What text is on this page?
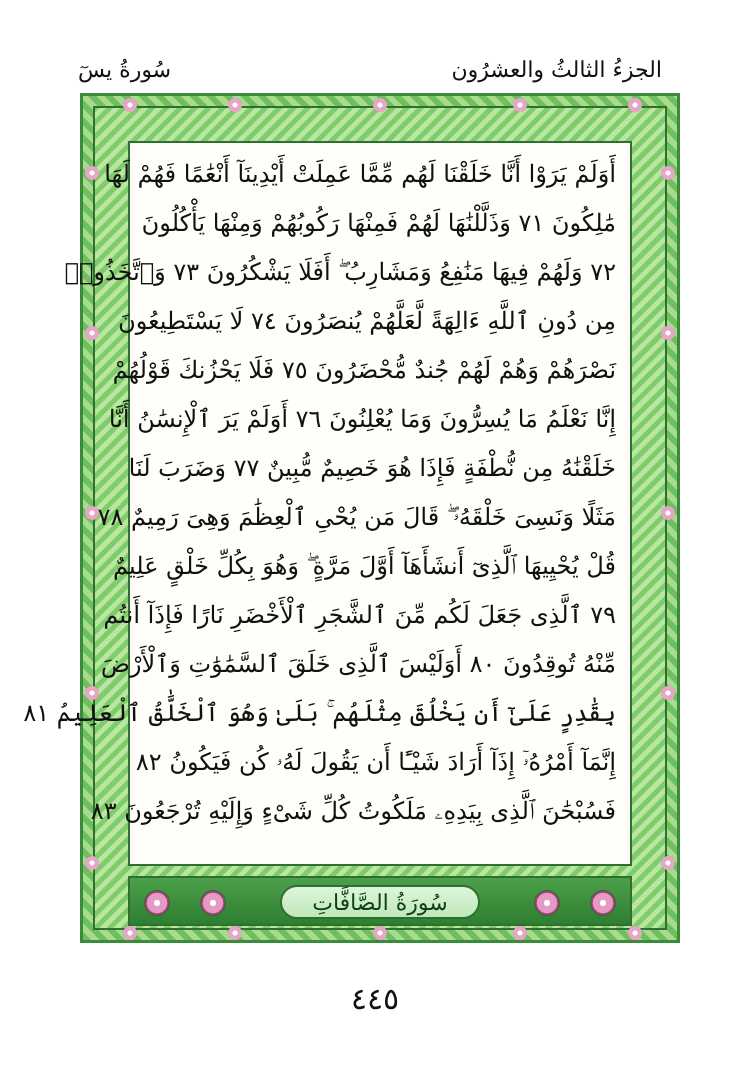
سُورةُ يسٓ	الجزءُ الثالثُ والعشرُون
أَوَلَمْ يَرَوْا أَنَّا خَلَقْنَا لَهُم مِّمَّا عَمِلَتْ أَيْدِينَآ أَنْعَٰمًا فَهُمْ لَهَا
مَٰلِكُونَ ٧١ وَذَلَّلْنَٰهَا لَهُمْ فَمِنْهَا رَكُوبُهُمْ وَمِنْهَا يَأْكُلُونَ
٧٢ وَلَهُمْ فِيهَا مَنَٰفِعُ وَمَشَارِبُ ۖ أَفَلَا يَشْكُرُونَ ٧٣ وَٱتَّخَذُوا۟
مِن دُونِ ٱللَّهِ ءَالِهَةً لَّعَلَّهُمْ يُنصَرُونَ ٧٤ لَا يَسْتَطِيعُونَ
نَصْرَهُمْ وَهُمْ لَهُمْ جُندٌ مُّحْضَرُونَ ٧٥ فَلَا يَحْزُنكَ قَوْلُهُمْ
إِنَّا نَعْلَمُ مَا يُسِرُّونَ وَمَا يُعْلِنُونَ ٧٦ أَوَلَمْ يَرَ ٱلْإِنسَٰنُ أَنَّا
خَلَقْنَٰهُ مِن نُّطْفَةٍ فَإِذَا هُوَ خَصِيمٌ مُّبِينٌ ٧٧ وَضَرَبَ لَنَا
مَثَلًا وَنَسِىَ خَلْقَهُۥ ۖ قَالَ مَن يُحْىِ ٱلْعِظَٰمَ وَهِىَ رَمِيمٌ ٧٨
قُلْ يُحْيِيهَا ٱلَّذِىٓ أَنشَأَهَآ أَوَّلَ مَرَّةٍ ۖ وَهُوَ بِكُلِّ خَلْقٍ عَلِيمٌ
٧٩ ٱلَّذِى جَعَلَ لَكُم مِّنَ ٱلشَّجَرِ ٱلْأَخْضَرِ نَارًا فَإِذَآ أَنتُم
مِّنْهُ تُوقِدُونَ ٨٠ أَوَلَيْسَ ٱلَّذِى خَلَقَ ٱلسَّمَٰوَٰتِ وَٱلْأَرْضَ
بِقَٰدِرٍ عَلَىٰٓ أَن يَخْلُقَ مِثْلَهُم ۚ بَلَىٰ وَهُوَ ٱلْخَلَّٰقُ ٱلْعَلِيمُ ٨١
إِنَّمَآ أَمْرُهُۥٓ إِذَآ أَرَادَ شَيْـًٔا أَن يَقُولَ لَهُۥ كُن فَيَكُونُ ٨٢
فَسُبْحَٰنَ ٱلَّذِى بِيَدِهِۦ مَلَكُوتُ كُلِّ شَىْءٍ وَإِلَيْهِ تُرْجَعُونَ ٨٣
سُورَةُ الصَّافَّاتِ
٤٤٥
